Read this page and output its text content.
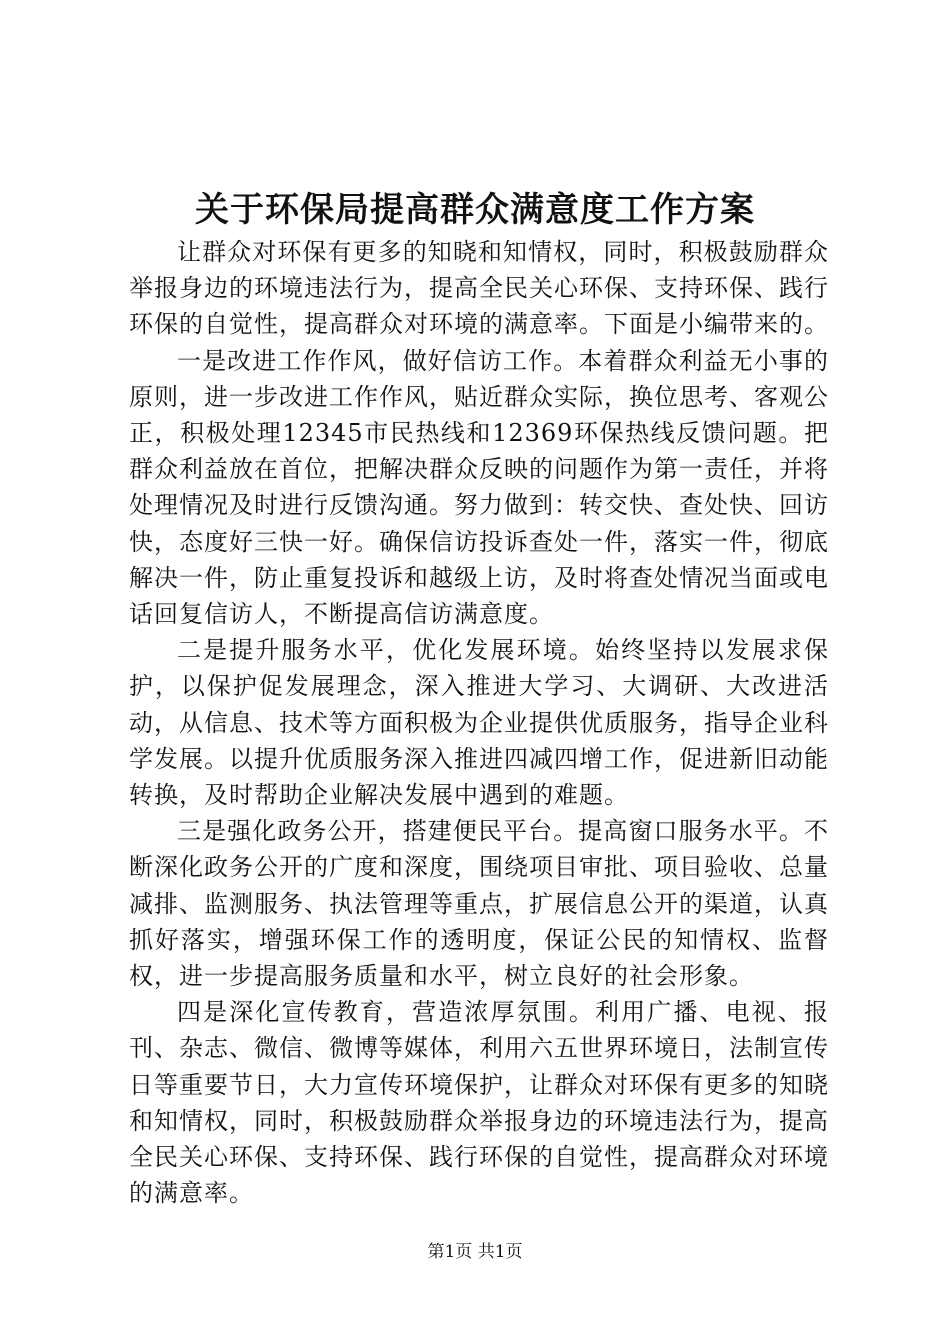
关于环保局提高群众满意度工作方案

让群众对环保有更多的知晓和知情权，同时，积极鼓励群众举报身边的环境违法行为，提高全民关心环保、支持环保、践行环保的自觉性，提高群众对环境的满意率。下面是小编带来的。

一是改进工作作风，做好信访工作。本着群众利益无小事的原则，进一步改进工作作风，贴近群众实际，换位思考、客观公正，积极处理12345市民热线和12369环保热线反馈问题。把群众利益放在首位，把解决群众反映的问题作为第一责任，并将处理情况及时进行反馈沟通。努力做到：转交快、查处快、回访快，态度好三快一好。确保信访投诉查处一件，落实一件，彻底解决一件，防止重复投诉和越级上访，及时将查处情况当面或电话回复信访人，不断提高信访满意度。

二是提升服务水平，优化发展环境。始终坚持以发展求保护，以保护促发展理念，深入推进大学习、大调研、大改进活动，从信息、技术等方面积极为企业提供优质服务，指导企业科学发展。以提升优质服务深入推进四减四增工作，促进新旧动能转换，及时帮助企业解决发展中遇到的难题。

三是强化政务公开，搭建便民平台。提高窗口服务水平。不断深化政务公开的广度和深度，围绕项目审批、项目验收、总量减排、监测服务、执法管理等重点，扩展信息公开的渠道，认真抓好落实，增强环保工作的透明度，保证公民的知情权、监督权，进一步提高服务质量和水平，树立良好的社会形象。

四是深化宣传教育，营造浓厚氛围。利用广播、电视、报刊、杂志、微信、微博等媒体，利用六五世界环境日，法制宣传日等重要节日，大力宣传环境保护，让群众对环保有更多的知晓和知情权，同时，积极鼓励群众举报身边的环境违法行为，提高全民关心环保、支持环保、践行环保的自觉性，提高群众对环境的满意率。

第1页 共1页
